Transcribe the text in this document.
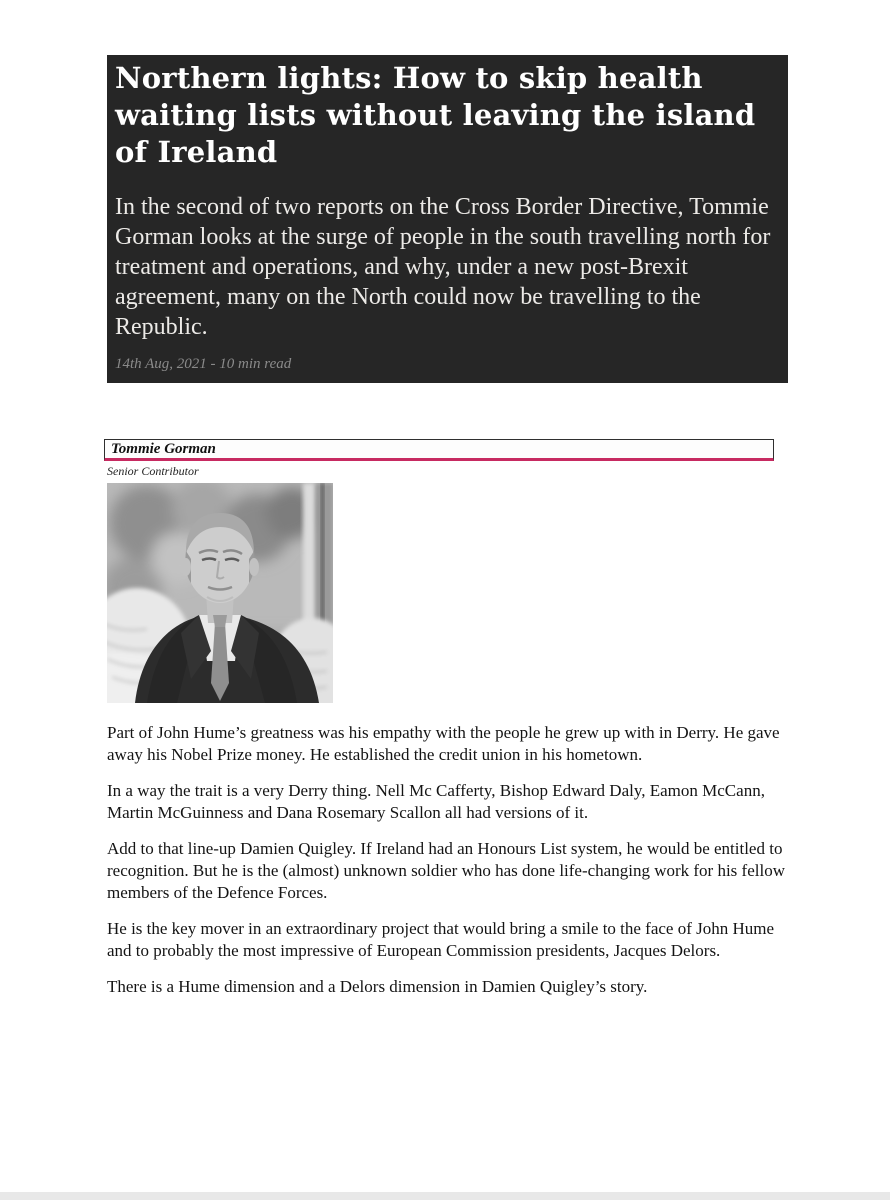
Northern lights: How to skip health waiting lists without leaving the island of Ireland

In the second of two reports on the Cross Border Directive, Tommie Gorman looks at the surge of people in the south travelling north for treatment and operations, and why, under a new post-Brexit agreement, many on the North could now be travelling to the Republic.

14th Aug, 2021 - 10 min read

Tommie Gorman
Senior Contributor

Part of John Hume’s greatness was his empathy with the people he grew up with in Derry. He gave away his Nobel Prize money. He established the credit union in his hometown.

In a way the trait is a very Derry thing. Nell Mc Cafferty, Bishop Edward Daly, Eamon McCann, Martin McGuinness and Dana Rosemary Scallon all had versions of it.

Add to that line-up Damien Quigley. If Ireland had an Honours List system, he would be entitled to recognition. But he is the (almost) unknown soldier who has done life-changing work for his fellow members of the Defence Forces.

He is the key mover in an extraordinary project that would bring a smile to the face of John Hume and to probably the most impressive of European Commission presidents, Jacques Delors.

There is a Hume dimension and a Delors dimension in Damien Quigley’s story.
